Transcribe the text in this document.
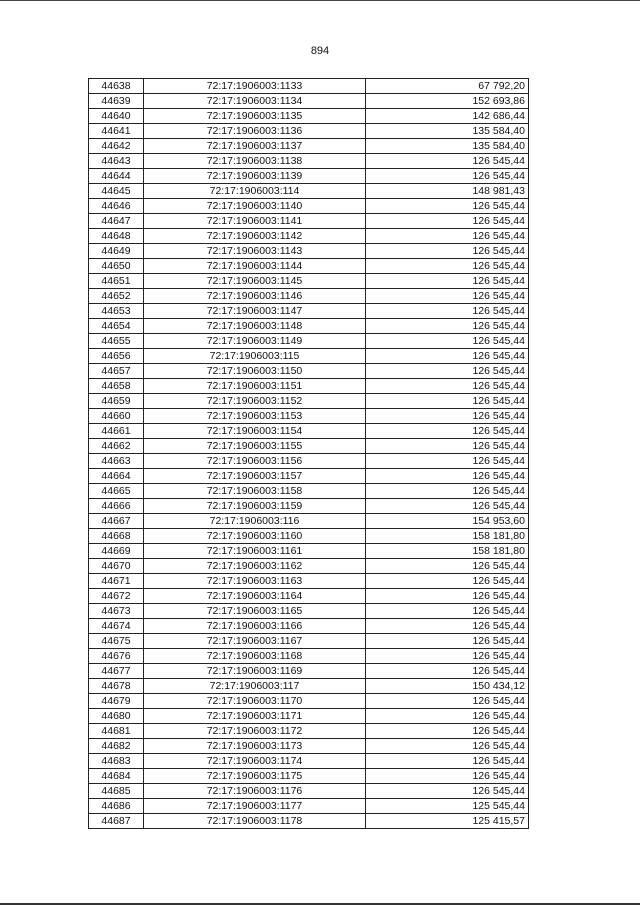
894
44638	72:17:1906003:1133	67 792,20
44639	72:17:1906003:1134	152 693,86
44640	72:17:1906003:1135	142 686,44
44641	72:17:1906003:1136	135 584,40
44642	72:17:1906003:1137	135 584,40
44643	72:17:1906003:1138	126 545,44
44644	72:17:1906003:1139	126 545,44
44645	72:17:1906003:114	148 981,43
44646	72:17:1906003:1140	126 545,44
44647	72:17:1906003:1141	126 545,44
44648	72:17:1906003:1142	126 545,44
44649	72:17:1906003:1143	126 545,44
44650	72:17:1906003:1144	126 545,44
44651	72:17:1906003:1145	126 545,44
44652	72:17:1906003:1146	126 545,44
44653	72:17:1906003:1147	126 545,44
44654	72:17:1906003:1148	126 545,44
44655	72:17:1906003:1149	126 545,44
44656	72:17:1906003:115	126 545,44
44657	72:17:1906003:1150	126 545,44
44658	72:17:1906003:1151	126 545,44
44659	72:17:1906003:1152	126 545,44
44660	72:17:1906003:1153	126 545,44
44661	72:17:1906003:1154	126 545,44
44662	72:17:1906003:1155	126 545,44
44663	72:17:1906003:1156	126 545,44
44664	72:17:1906003:1157	126 545,44
44665	72:17:1906003:1158	126 545,44
44666	72:17:1906003:1159	126 545,44
44667	72:17:1906003:116	154 953,60
44668	72:17:1906003:1160	158 181,80
44669	72:17:1906003:1161	158 181,80
44670	72:17:1906003:1162	126 545,44
44671	72:17:1906003:1163	126 545,44
44672	72:17:1906003:1164	126 545,44
44673	72:17:1906003:1165	126 545,44
44674	72:17:1906003:1166	126 545,44
44675	72:17:1906003:1167	126 545,44
44676	72:17:1906003:1168	126 545,44
44677	72:17:1906003:1169	126 545,44
44678	72:17:1906003:117	150 434,12
44679	72:17:1906003:1170	126 545,44
44680	72:17:1906003:1171	126 545,44
44681	72:17:1906003:1172	126 545,44
44682	72:17:1906003:1173	126 545,44
44683	72:17:1906003:1174	126 545,44
44684	72:17:1906003:1175	126 545,44
44685	72:17:1906003:1176	126 545,44
44686	72:17:1906003:1177	125 545,44
44687	72:17:1906003:1178	125 415,57
